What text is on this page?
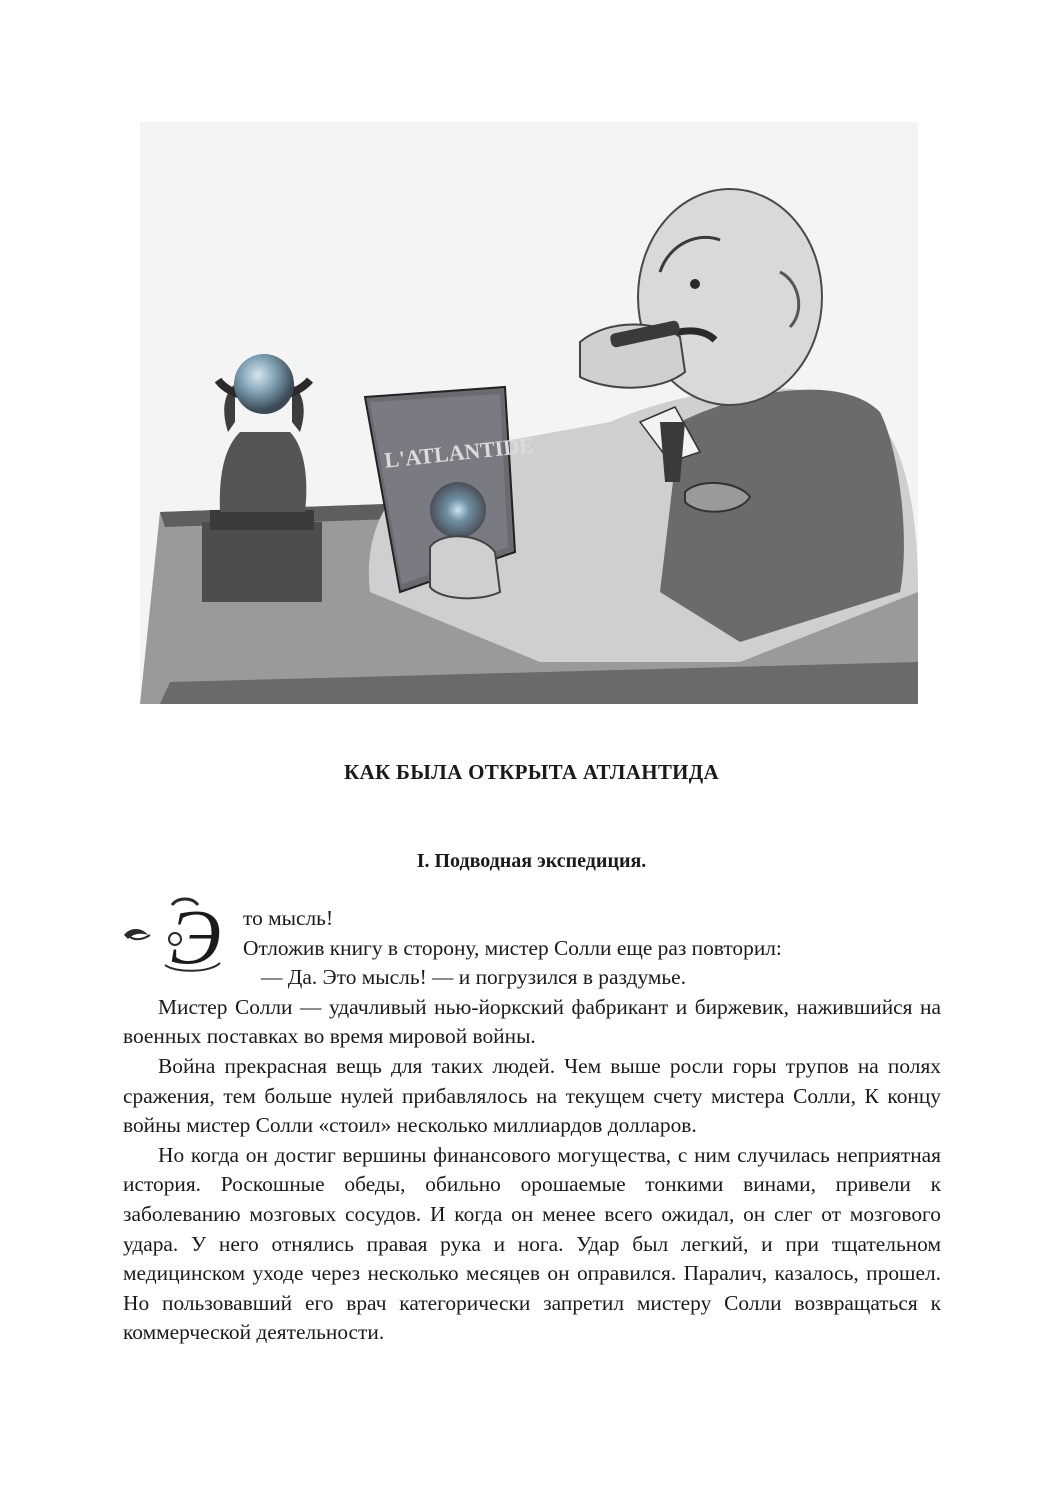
L'ATLANTIDE
КАК БЫЛА ОТКРЫТА АТЛАНТИДА
I. Подводная экспедиция.
Э	то мысль!

Отложив книгу в сторону, мистер Солли еще раз повторил:

— Да. Это мысль! — и погрузился в раздумье.

Мистер Солли — удачливый нью-йоркский фабрикант и биржевик, нажившийся на военных поставках во время мировой войны.

Война прекрасная вещь для таких людей. Чем выше росли горы трупов на полях сражения, тем больше нулей прибавлялось на текущем счету мистера Солли, К концу войны мистер Солли «стоил» несколько миллиардов долларов.

Но когда он достиг вершины финансового могущества, с ним случилась неприятная история. Роскошные обеды, обильно орошаемые тонкими винами, привели к заболеванию мозговых сосудов. И когда он менее всего ожидал, он слег от мозгового удара. У него отнялись правая рука и нога. Удар был легкий, и при тщательном медицинском уходе через несколько месяцев он оправился. Паралич, казалось, прошел. Но пользовавший его врач категорически запретил мистеру Солли возвращаться к коммерческой деятельности.
